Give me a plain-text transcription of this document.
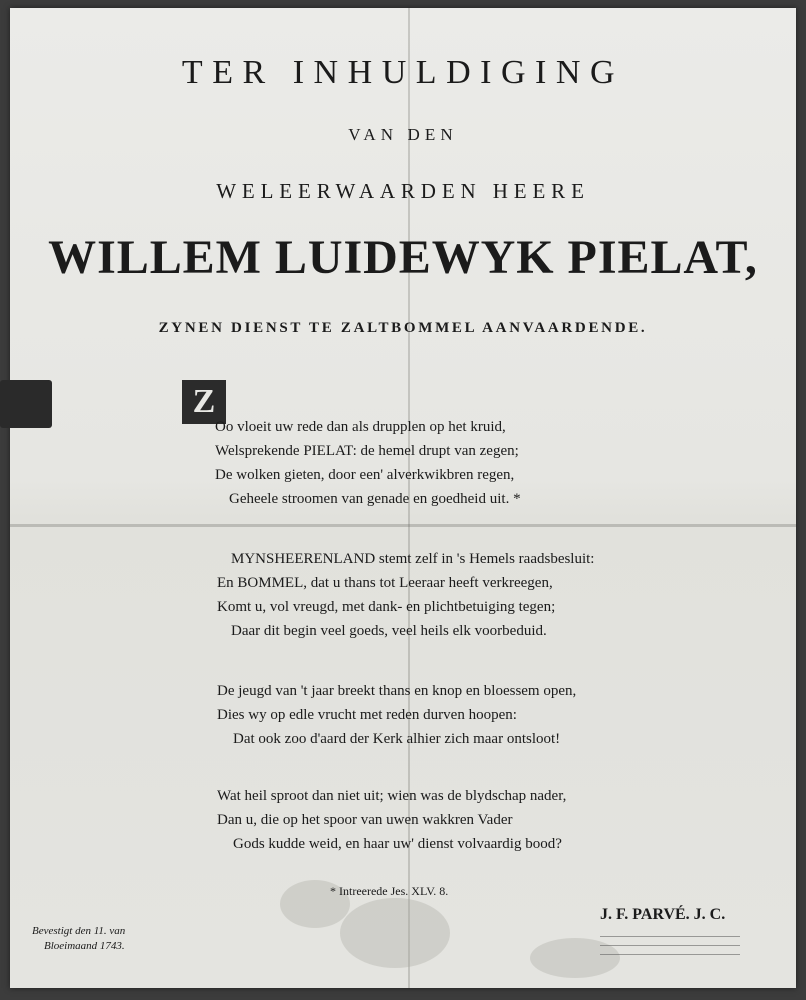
TER INHULDIGING
VAN DEN
WELEERWAARDEN HEERE
WILLEM LUIDEWYK PIELAT,
ZYNEN DIENST TE ZALTBOMMEL AANVAARDENDE.
Z
Oo vloeit uw rede dan als drupplen op het kruid,
Welsprekende PIELAT: de hemel drupt van zegen;
De wolken gieten, door een' alverkwikbren regen,
Geheele stroomen van genade en goedheid uit. *
MYNSHEERENLAND stemt zelf in 's Hemels raadsbesluit:
En BOMMEL, dat u thans tot Leeraar heeft verkreegen,
Komt u, vol vreugd, met dank- en plichtbetuiging tegen;
Daar dit begin veel goeds, veel heils elk voorbeduid.
De jeugd van 't jaar breekt thans en knop en bloessem open,
Dies wy op edle vrucht met reden durven hoopen:
Dat ook zoo d'aard der Kerk alhier zich maar ontsloot!
Wat heil sproot dan niet uit; wien was de blydschap nader,
Dan u, die op het spoor van uwen wakkren Vader
Gods kudde weid, en haar uw' dienst volvaardig bood?
* Intreerede Jes. XLV. 8.
J. F. PARVÉ. J. C.
Bevestigt den 11. van
Bloeimaand 1743.
